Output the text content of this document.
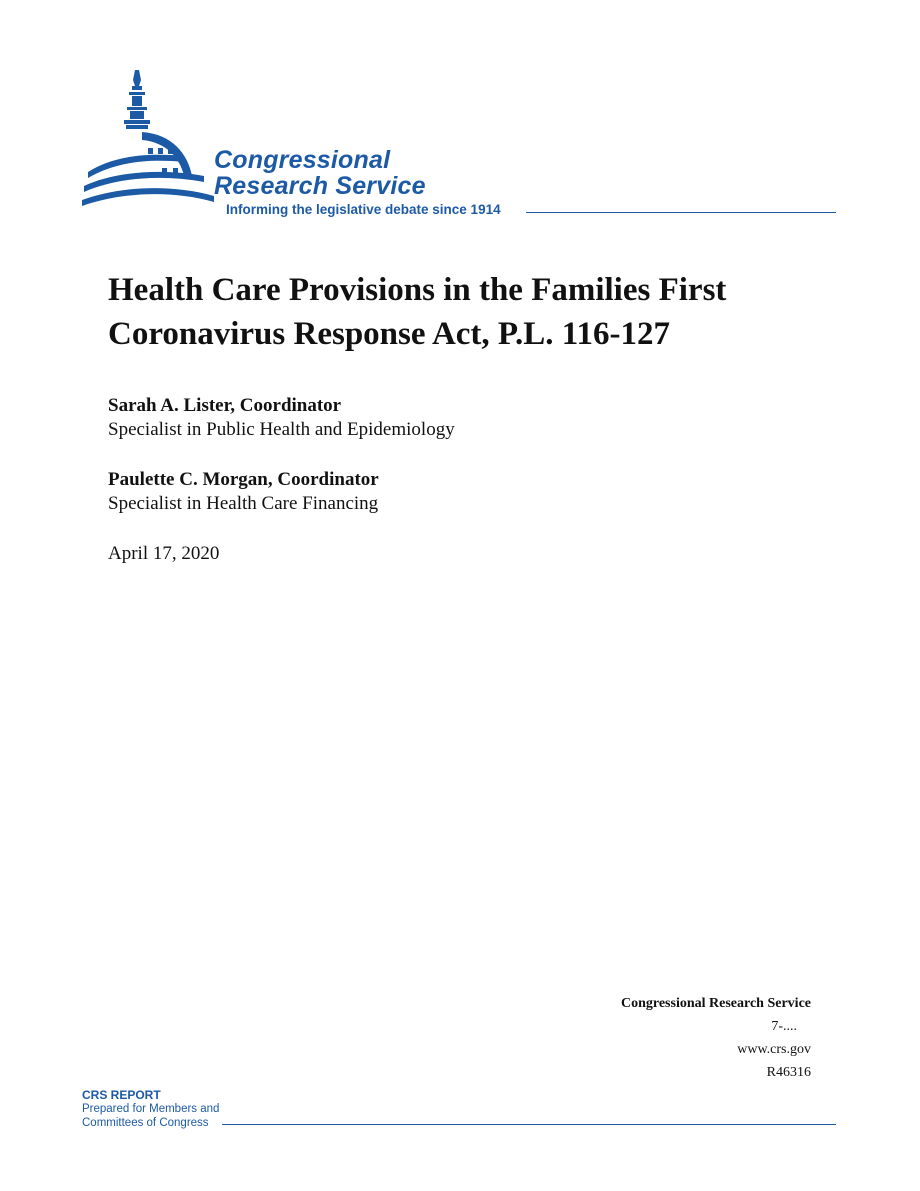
Congressional
Research Service
Informing the legislative debate since 1914
Health Care Provisions in the Families First Coronavirus Response Act, P.L. 116-127
Sarah A. Lister, Coordinator
Specialist in Public Health and Epidemiology
Paulette C. Morgan, Coordinator
Specialist in Health Care Financing
April 17, 2020
Congressional Research Service
7-....
www.crs.gov
R46316
CRS REPORT
Prepared for Members and
Committees of Congress
